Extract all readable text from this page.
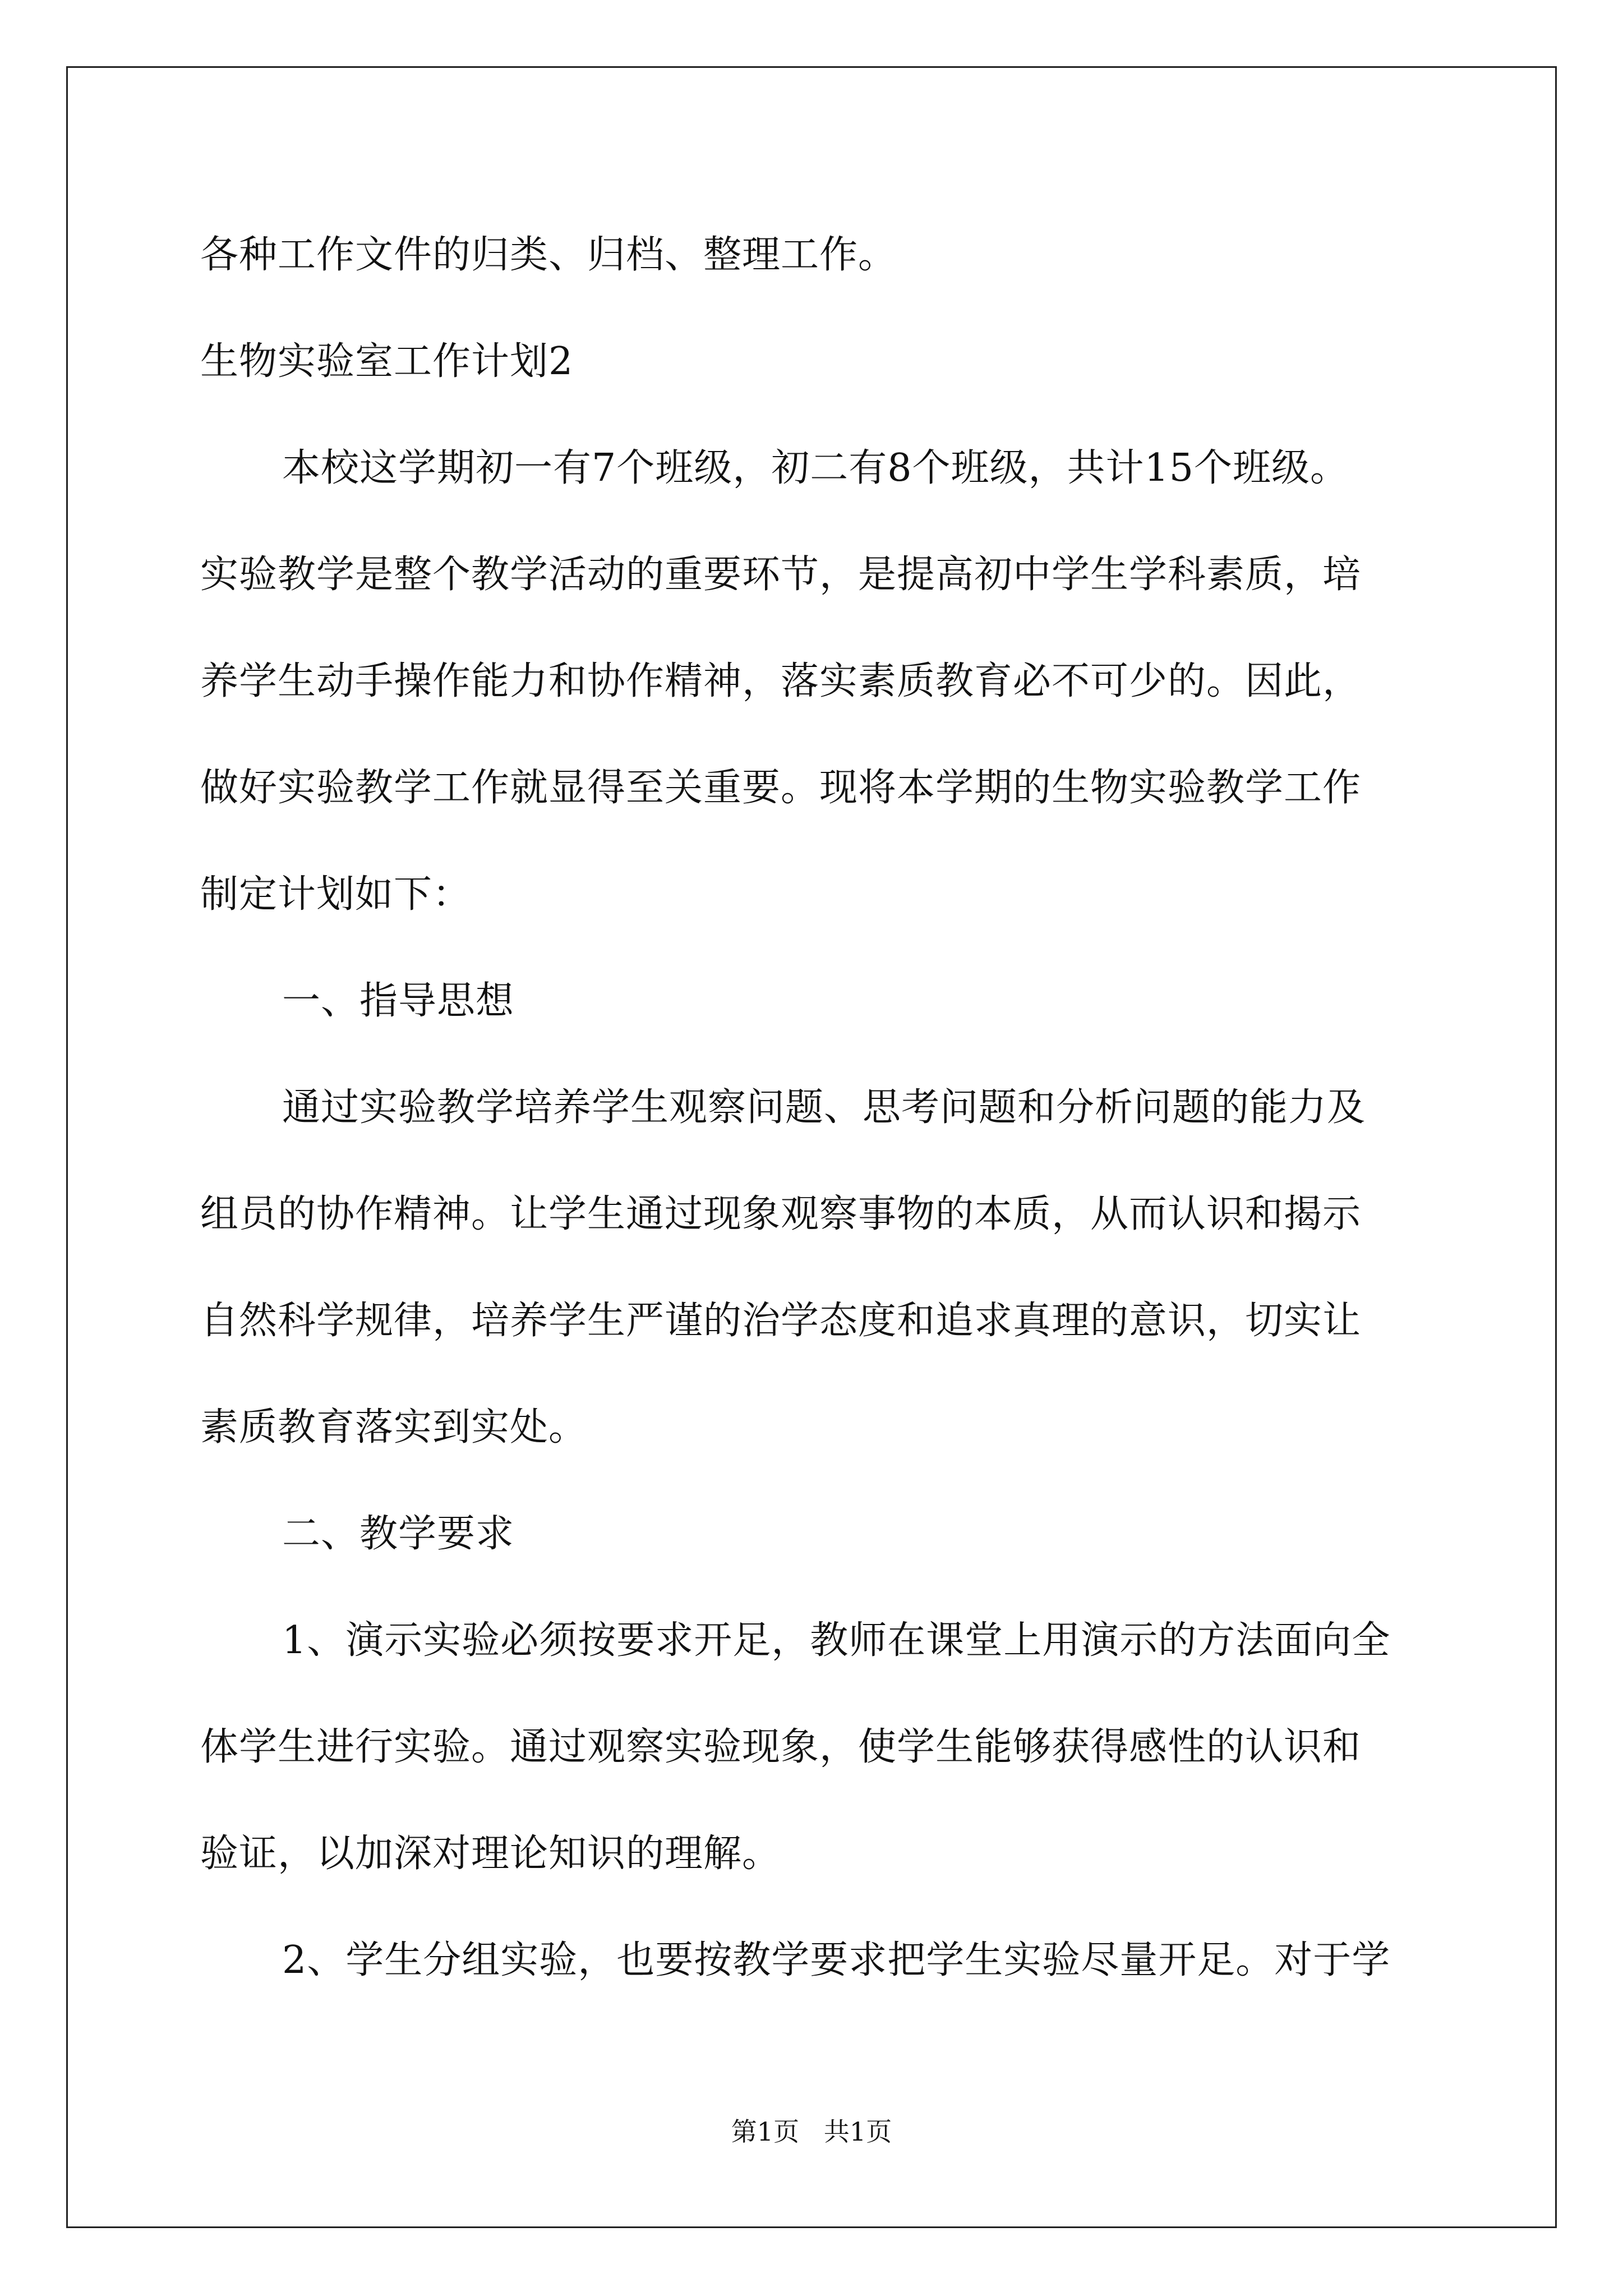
各种工作文件的归类、归档、整理工作。
生物实验室工作计划2
本校这学期初一有7个班级，初二有8个班级，共计15个班级。
实验教学是整个教学活动的重要环节，是提高初中学生学科素质，培
养学生动手操作能力和协作精神，落实素质教育必不可少的。因此，
做好实验教学工作就显得至关重要。现将本学期的生物实验教学工作
制定计划如下：
一、指导思想
通过实验教学培养学生观察问题、思考问题和分析问题的能力及
组员的协作精神。让学生通过现象观察事物的本质，从而认识和揭示
自然科学规律，培养学生严谨的治学态度和追求真理的意识，切实让
素质教育落实到实处。
二、教学要求
1、演示实验必须按要求开足，教师在课堂上用演示的方法面向全
体学生进行实验。通过观察实验现象，使学生能够获得感性的认识和
验证，以加深对理论知识的理解。
2、学生分组实验，也要按教学要求把学生实验尽量开足。对于学
第1页   共1页
